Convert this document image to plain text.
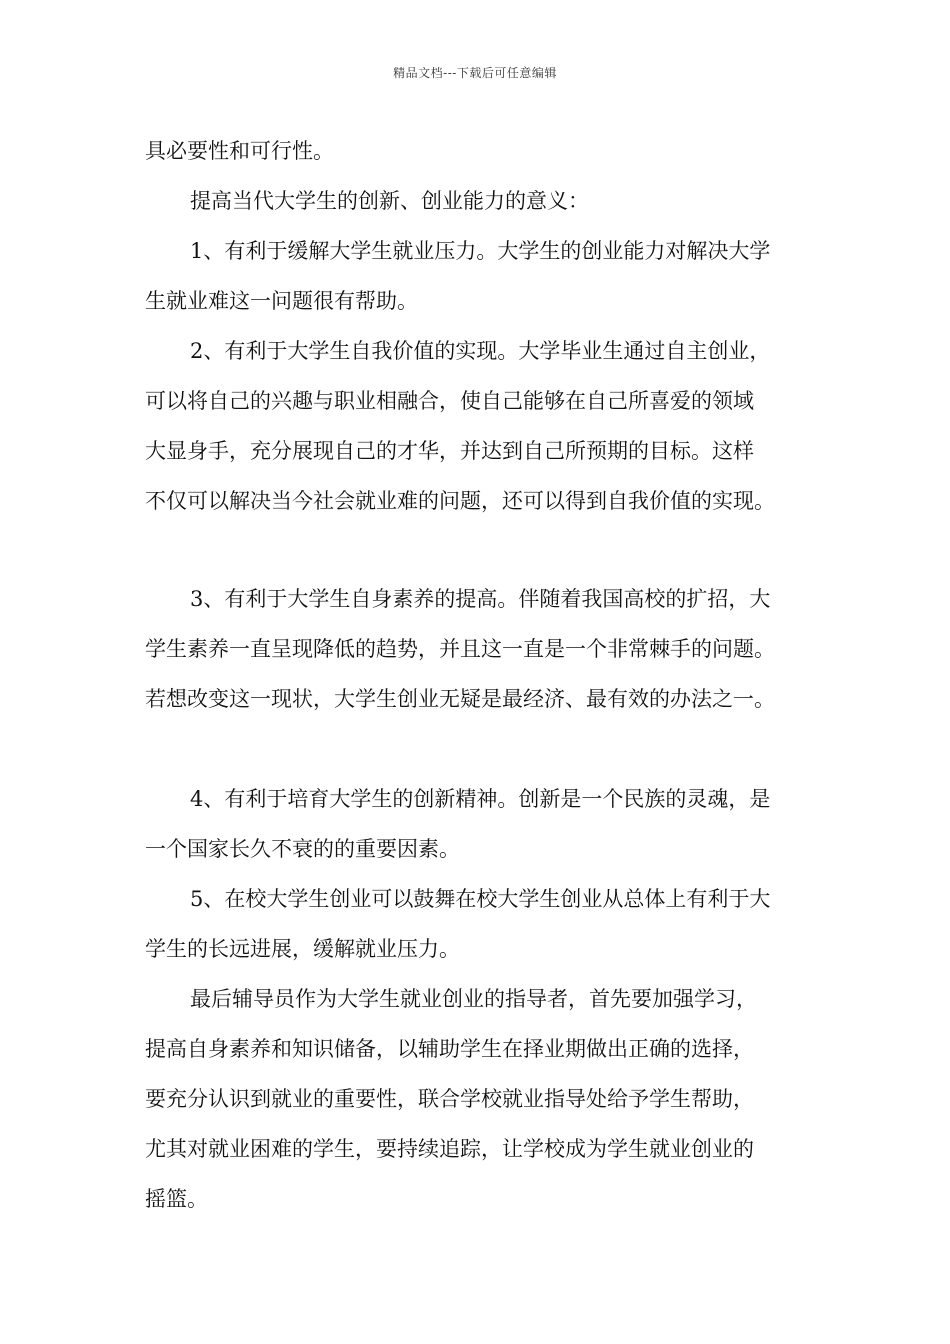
精品文档---下载后可任意编辑
具必要性和可行性。
提高当代大学生的创新、创业能力的意义：
1、有利于缓解大学生就业压力。大学生的创业能力对解决大学
生就业难这一问题很有帮助。
2、有利于大学生自我价值的实现。大学毕业生通过自主创业，
可以将自己的兴趣与职业相融合，使自己能够在自己所喜爱的领域
大显身手，充分展现自己的才华，并达到自己所预期的目标。这样
不仅可以解决当今社会就业难的问题，还可以得到自我价值的实现。
3、有利于大学生自身素养的提高。伴随着我国高校的扩招，大
学生素养一直呈现降低的趋势，并且这一直是一个非常棘手的问题。
若想改变这一现状，大学生创业无疑是最经济、最有效的办法之一。
4、有利于培育大学生的创新精神。创新是一个民族的灵魂，是
一个国家长久不衰的的重要因素。
5、在校大学生创业可以鼓舞在校大学生创业从总体上有利于大
学生的长远进展，缓解就业压力。
最后辅导员作为大学生就业创业的指导者，首先要加强学习，
提高自身素养和知识储备，以辅助学生在择业期做出正确的选择，
要充分认识到就业的重要性，联合学校就业指导处给予学生帮助，
尤其对就业困难的学生，要持续追踪，让学校成为学生就业创业的
摇篮。
